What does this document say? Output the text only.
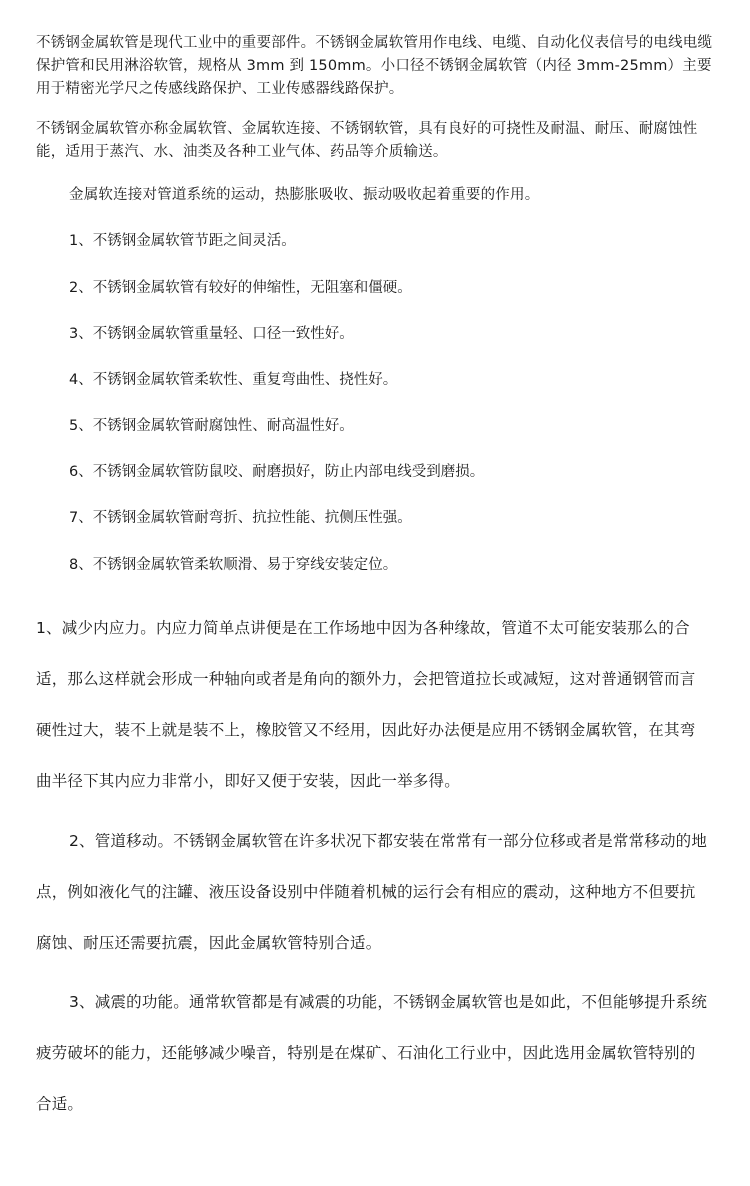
不锈钢金属软管是现代工业中的重要部件。不锈钢金属软管用作电线、电缆、自动化仪表信号的电线电缆保护管和民用淋浴软管，规格从 3mm 到 150mm。小口径不锈钢金属软管（内径 3mm-25mm）主要用于精密光学尺之传感线路保护、工业传感器线路保护。

不锈钢金属软管亦称金属软管、金属软连接、不锈钢软管，具有良好的可挠性及耐温、耐压、耐腐蚀性能，适用于蒸汽、水、油类及各种工业气体、药品等介质输送。

金属软连接对管道系统的运动，热膨胀吸收、振动吸收起着重要的作用。

1、不锈钢金属软管节距之间灵活。

2、不锈钢金属软管有较好的伸缩性，无阻塞和僵硬。

3、不锈钢金属软管重量轻、口径一致性好。

4、不锈钢金属软管柔软性、重复弯曲性、挠性好。

5、不锈钢金属软管耐腐蚀性、耐高温性好。

6、不锈钢金属软管防鼠咬、耐磨损好，防止内部电线受到磨损。

7、不锈钢金属软管耐弯折、抗拉性能、抗侧压性强。

8、不锈钢金属软管柔软顺滑、易于穿线安装定位。

1、减少内应力。内应力简单点讲便是在工作场地中因为各种缘故，管道不太可能安装那么的合适，那么这样就会形成一种轴向或者是角向的额外力，会把管道拉长或减短，这对普通钢管而言硬性过大，装不上就是装不上，橡胶管又不经用，因此好办法便是应用不锈钢金属软管，在其弯曲半径下其内应力非常小，即好又便于安装，因此一举多得。

2、管道移动。不锈钢金属软管在许多状况下都安装在常常有一部分位移或者是常常移动的地点，例如液化气的注罐、液压设备设别中伴随着机械的运行会有相应的震动，这种地方不但要抗腐蚀、耐压还需要抗震，因此金属软管特别合适。

3、减震的功能。通常软管都是有减震的功能，不锈钢金属软管也是如此，不但能够提升系统疲劳破坏的能力，还能够减少噪音，特别是在煤矿、石油化工行业中，因此选用金属软管特别的合适。
